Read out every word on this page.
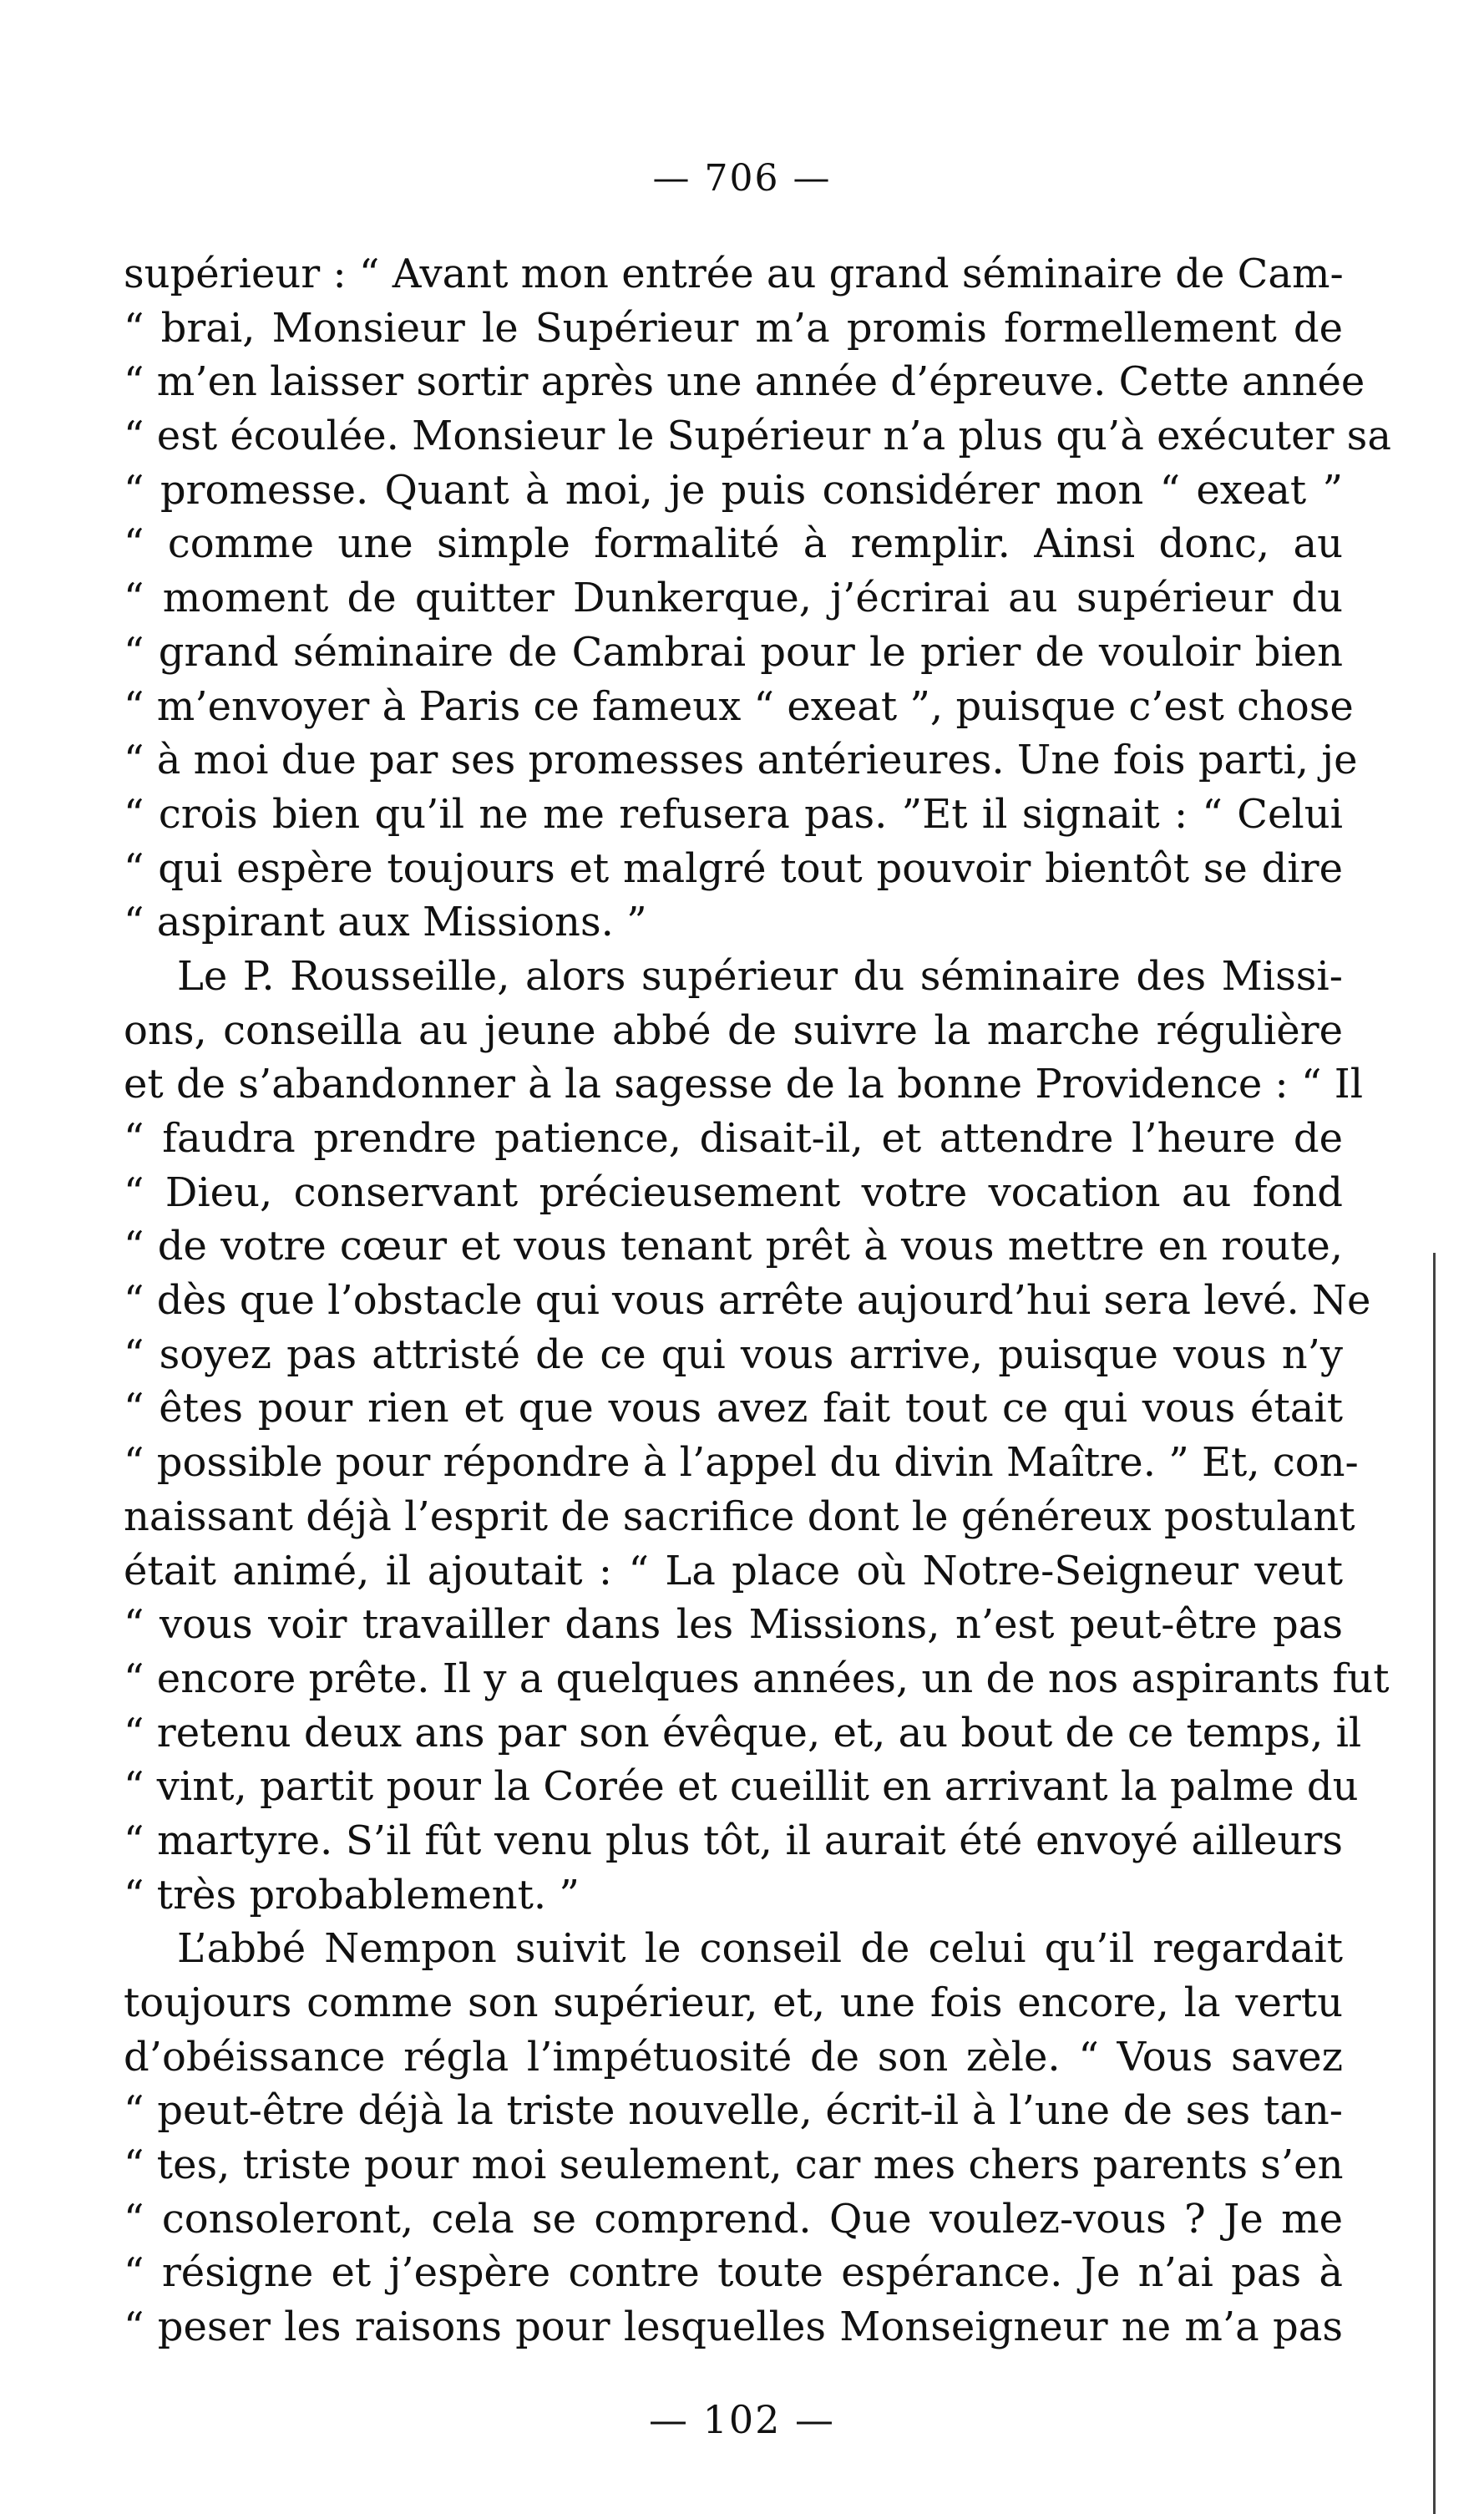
— 706 —
supérieur : “ Avant mon entrée au grand séminaire de Cam-
“ brai, Monsieur le Supérieur m’a promis formellement de
“ m’en laisser sortir après une année d’épreuve. Cette année
“ est écoulée. Monsieur le Supérieur n’a plus qu’à exécuter sa
“ promesse. Quant à moi, je puis considérer mon “ exeat ”
“ comme une simple formalité à remplir. Ainsi donc, au
“ moment de quitter Dunkerque, j’écrirai au supérieur du
“ grand séminaire de Cambrai pour le prier de vouloir bien
“ m’envoyer à Paris ce fameux “ exeat ”, puisque c’est chose
“ à moi due par ses promesses antérieures. Une fois parti, je
“ crois bien qu’il ne me refusera pas. ”Et il signait : “ Celui
“ qui espère toujours et malgré tout pouvoir bientôt se dire
“ aspirant aux Missions. ”
Le P. Rousseille, alors supérieur du séminaire des Missi-
ons, conseilla au jeune abbé de suivre la marche régulière
et de s’abandonner à la sagesse de la bonne Providence : “ Il
“ faudra prendre patience, disait-il, et attendre l’heure de
“ Dieu, conservant précieusement votre vocation au fond
“ de votre cœur et vous tenant prêt à vous mettre en route,
“ dès que l’obstacle qui vous arrête aujourd’hui sera levé. Ne
“ soyez pas attristé de ce qui vous arrive, puisque vous n’y
“ êtes pour rien et que vous avez fait tout ce qui vous était
“ possible pour répondre à l’appel du divin Maître. ” Et, con-
naissant déjà l’esprit de sacrifice dont le généreux postulant
était animé, il ajoutait : “ La place où Notre-Seigneur veut
“ vous voir travailler dans les Missions, n’est peut-être pas
“ encore prête. Il y a quelques années, un de nos aspirants fut
“ retenu deux ans par son évêque, et, au bout de ce temps, il
“ vint, partit pour la Corée et cueillit en arrivant la palme du
“ martyre. S’il fût venu plus tôt, il aurait été envoyé ailleurs
“ très probablement. ”
L’abbé Nempon suivit le conseil de celui qu’il regardait
toujours comme son supérieur, et, une fois encore, la vertu
d’obéissance régla l’impétuosité de son zèle. “ Vous savez
“ peut-être déjà la triste nouvelle, écrit-il à l’une de ses tan-
“ tes, triste pour moi seulement, car mes chers parents s’en
“ consoleront, cela se comprend. Que voulez-vous ? Je me
“ résigne et j’espère contre toute espérance. Je n’ai pas à
“ peser les raisons pour lesquelles Monseigneur ne m’a pas
— 102 —
